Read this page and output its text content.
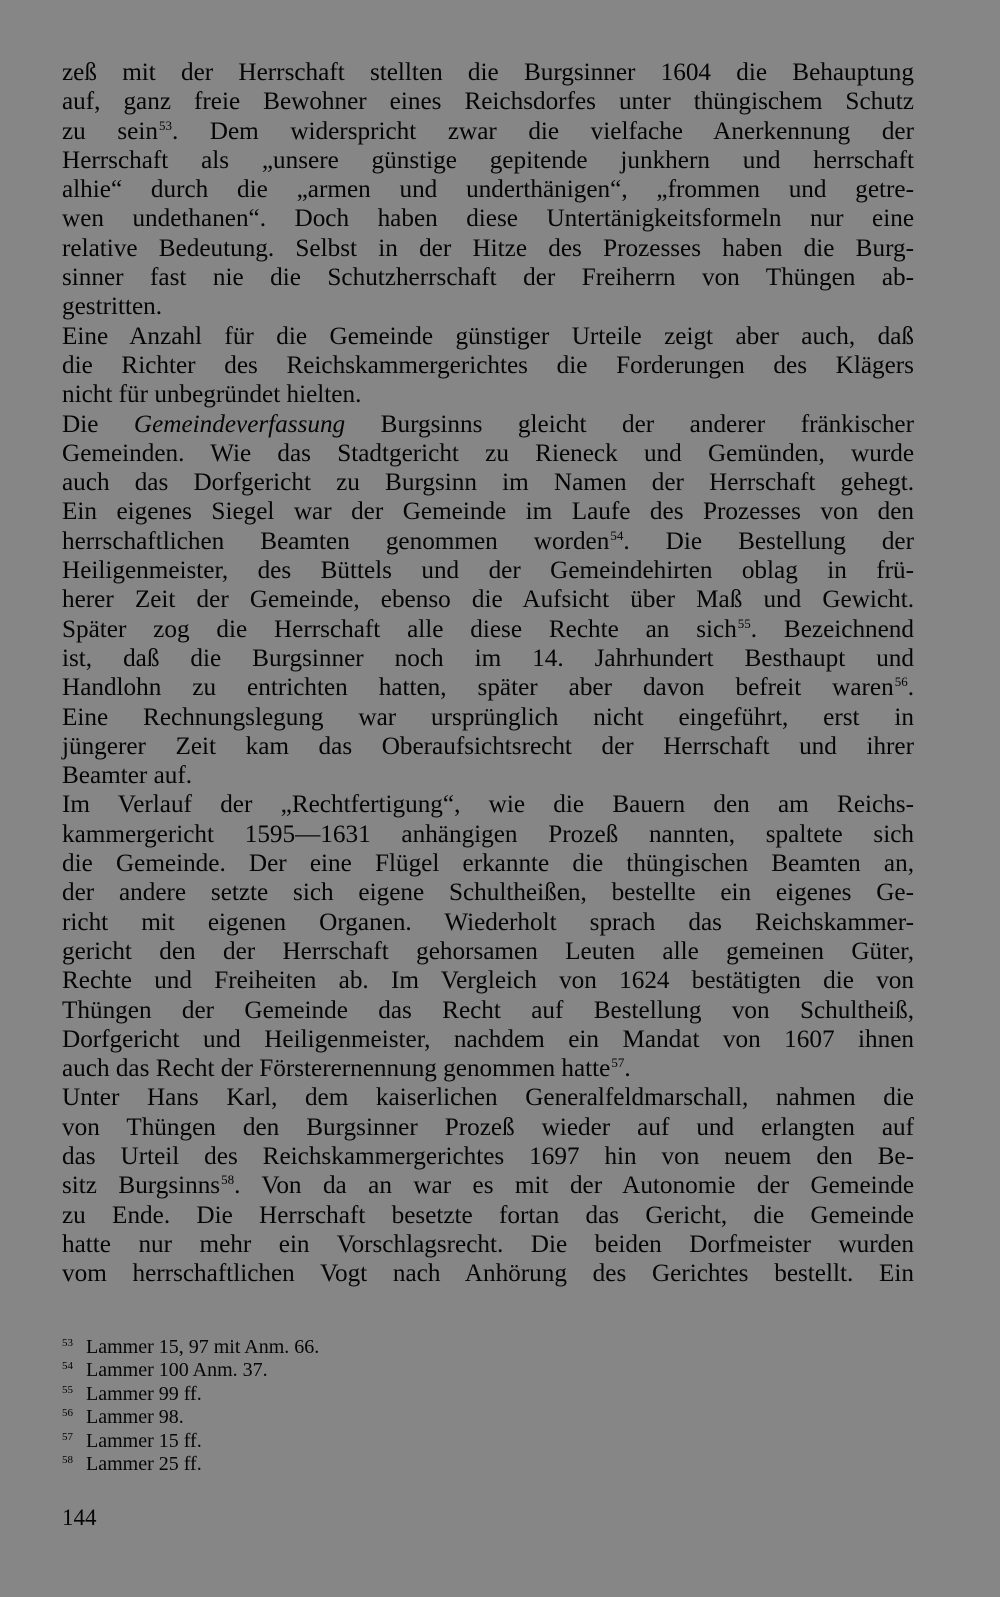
zeß mit der Herrschaft stellten die Burgsinner 1604 die Behauptung
auf, ganz freie Bewohner eines Reichsdorfes unter thüngischem Schutz
zu sein$^{53}$. Dem widerspricht zwar die vielfache Anerkennung der
Herrschaft als „unsere günstige gepitende junkhern und herrschaft
alhie“ durch die „armen und underthänigen“, „frommen und getre-
wen undethanen“. Doch haben diese Untertänigkeitsformeln nur eine
relative Bedeutung. Selbst in der Hitze des Prozesses haben die Burg-
sinner fast nie die Schutzherrschaft der Freiherrn von Thüngen ab-
gestritten.
Eine Anzahl für die Gemeinde günstiger Urteile zeigt aber auch, daß
die Richter des Reichskammergerichtes die Forderungen des Klägers
nicht für unbegründet hielten.
Die Gemeindeverfassung Burgsinns gleicht der anderer fränkischer
Gemeinden. Wie das Stadtgericht zu Rieneck und Gemünden, wurde
auch das Dorfgericht zu Burgsinn im Namen der Herrschaft gehegt.
Ein eigenes Siegel war der Gemeinde im Laufe des Prozesses von den
herrschaftlichen Beamten genommen worden$^{54}$. Die Bestellung der
Heiligenmeister, des Büttels und der Gemeindehirten oblag in frü-
herer Zeit der Gemeinde, ebenso die Aufsicht über Maß und Gewicht.
Später zog die Herrschaft alle diese Rechte an sich$^{55}$. Bezeichnend
ist, daß die Burgsinner noch im 14. Jahrhundert Besthaupt und
Handlohn zu entrichten hatten, später aber davon befreit waren$^{56}$.
Eine Rechnungslegung war ursprünglich nicht eingeführt, erst in
jüngerer Zeit kam das Oberaufsichtsrecht der Herrschaft und ihrer
Beamter auf.
Im Verlauf der „Rechtfertigung“, wie die Bauern den am Reichs-
kammergericht 1595—1631 anhängigen Prozeß nannten, spaltete sich
die Gemeinde. Der eine Flügel erkannte die thüngischen Beamten an,
der andere setzte sich eigene Schultheißen, bestellte ein eigenes Ge-
richt mit eigenen Organen. Wiederholt sprach das Reichskammer-
gericht den der Herrschaft gehorsamen Leuten alle gemeinen Güter,
Rechte und Freiheiten ab. Im Vergleich von 1624 bestätigten die von
Thüngen der Gemeinde das Recht auf Bestellung von Schultheiß,
Dorfgericht und Heiligenmeister, nachdem ein Mandat von 1607 ihnen
auch das Recht der Försterernennung genommen hatte$^{57}$.
Unter Hans Karl, dem kaiserlichen Generalfeldmarschall, nahmen die
von Thüngen den Burgsinner Prozeß wieder auf und erlangten auf
das Urteil des Reichskammergerichtes 1697 hin von neuem den Be-
sitz Burgsinns$^{58}$. Von da an war es mit der Autonomie der Gemeinde
zu Ende. Die Herrschaft besetzte fortan das Gericht, die Gemeinde
hatte nur mehr ein Vorschlagsrecht. Die beiden Dorfmeister wurden
vom herrschaftlichen Vogt nach Anhörung des Gerichtes bestellt. Ein
53 Lammer 15, 97 mit Anm. 66.
54 Lammer 100 Anm. 37.
55 Lammer 99 ff.
56 Lammer 98.
57 Lammer 15 ff.
58 Lammer 25 ff.
144
